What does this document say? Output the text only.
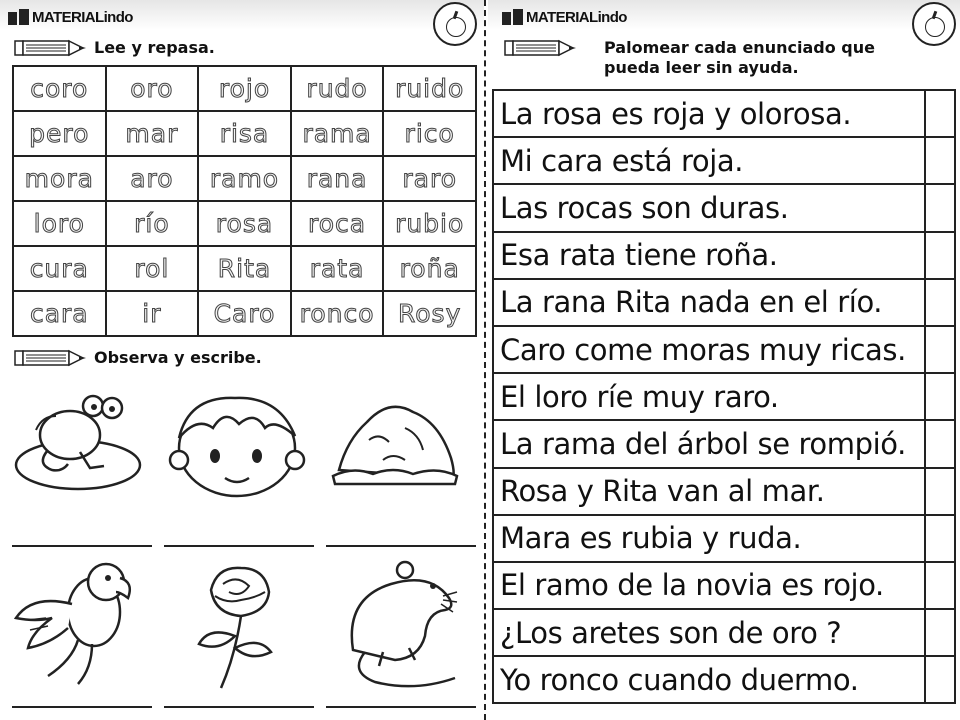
MATERIALindo
Lee y repasa.
coro	oro	rojo	rudo	ruido
pero	mar	risa	rama	rico
mora	aro	ramo	rana	raro
loro	río	rosa	roca	rubio
cura	rol	Rita	rata	roña
cara	ir	Caro	ronco	Rosy
Observa y escribe.
MATERIALindo
Palomear cada enunciado que pueda leer sin ayuda.
La rosa es roja y olorosa.	
Mi cara está roja.	
Las rocas son duras.	
Esa rata tiene roña.	
La rana Rita nada en el río.	
Caro come moras muy ricas.	
El loro ríe muy raro.	
La rama del árbol se rompió.	
Rosa y Rita van al mar.	
Mara es rubia y ruda.	
El ramo de la novia es rojo.	
¿Los aretes son de oro ?	
Yo ronco cuando duermo.	
